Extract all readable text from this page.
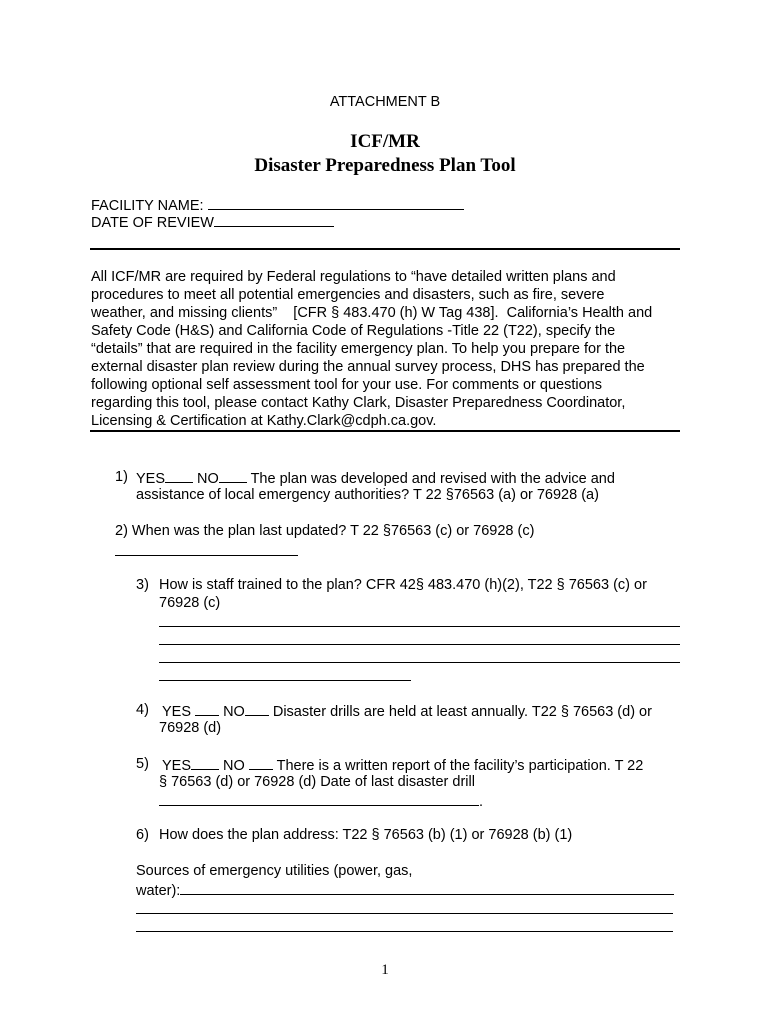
ATTACHMENT B
ICF/MR
Disaster Preparedness Plan Tool
FACILITY NAME:
DATE OF REVIEW
All ICF/MR are required by Federal regulations to “have detailed written plans and
procedures to meet all potential emergencies and disasters, such as fire, severe
weather, and missing clients”    [CFR § 483.470 (h) W Tag 438].  California’s Health and
Safety Code (H&S) and California Code of Regulations -Title 22 (T22), specify the
“details” that are required in the facility emergency plan. To help you prepare for the
external disaster plan review during the annual survey process, DHS has prepared the
following optional self assessment tool for your use. For comments or questions
regarding this tool, please contact Kathy Clark, Disaster Preparedness Coordinator,
Licensing & Certification at Kathy.Clark@cdph.ca.gov.
1) YES NO The plan was developed and revised with the advice and
assistance of local emergency authorities? T 22 §76563 (a) or 76928 (a)
2) When was the plan last updated? T 22 §76563 (c) or 76928 (c)
3) How is staff trained to the plan? CFR 42§ 483.470 (h)(2), T22 § 76563 (c) or
76928 (c)
4) YES NO Disaster drills are held at least annually. T22 § 76563 (d) or
76928 (d)
5) YES NO There is a written report of the facility’s participation. T 22
§ 76563 (d) or 76928 (d) Date of last disaster drill
.
6) How does the plan address: T22 § 76563 (b) (1) or 76928 (b) (1)
Sources of emergency utilities (power, gas,
water):
1
